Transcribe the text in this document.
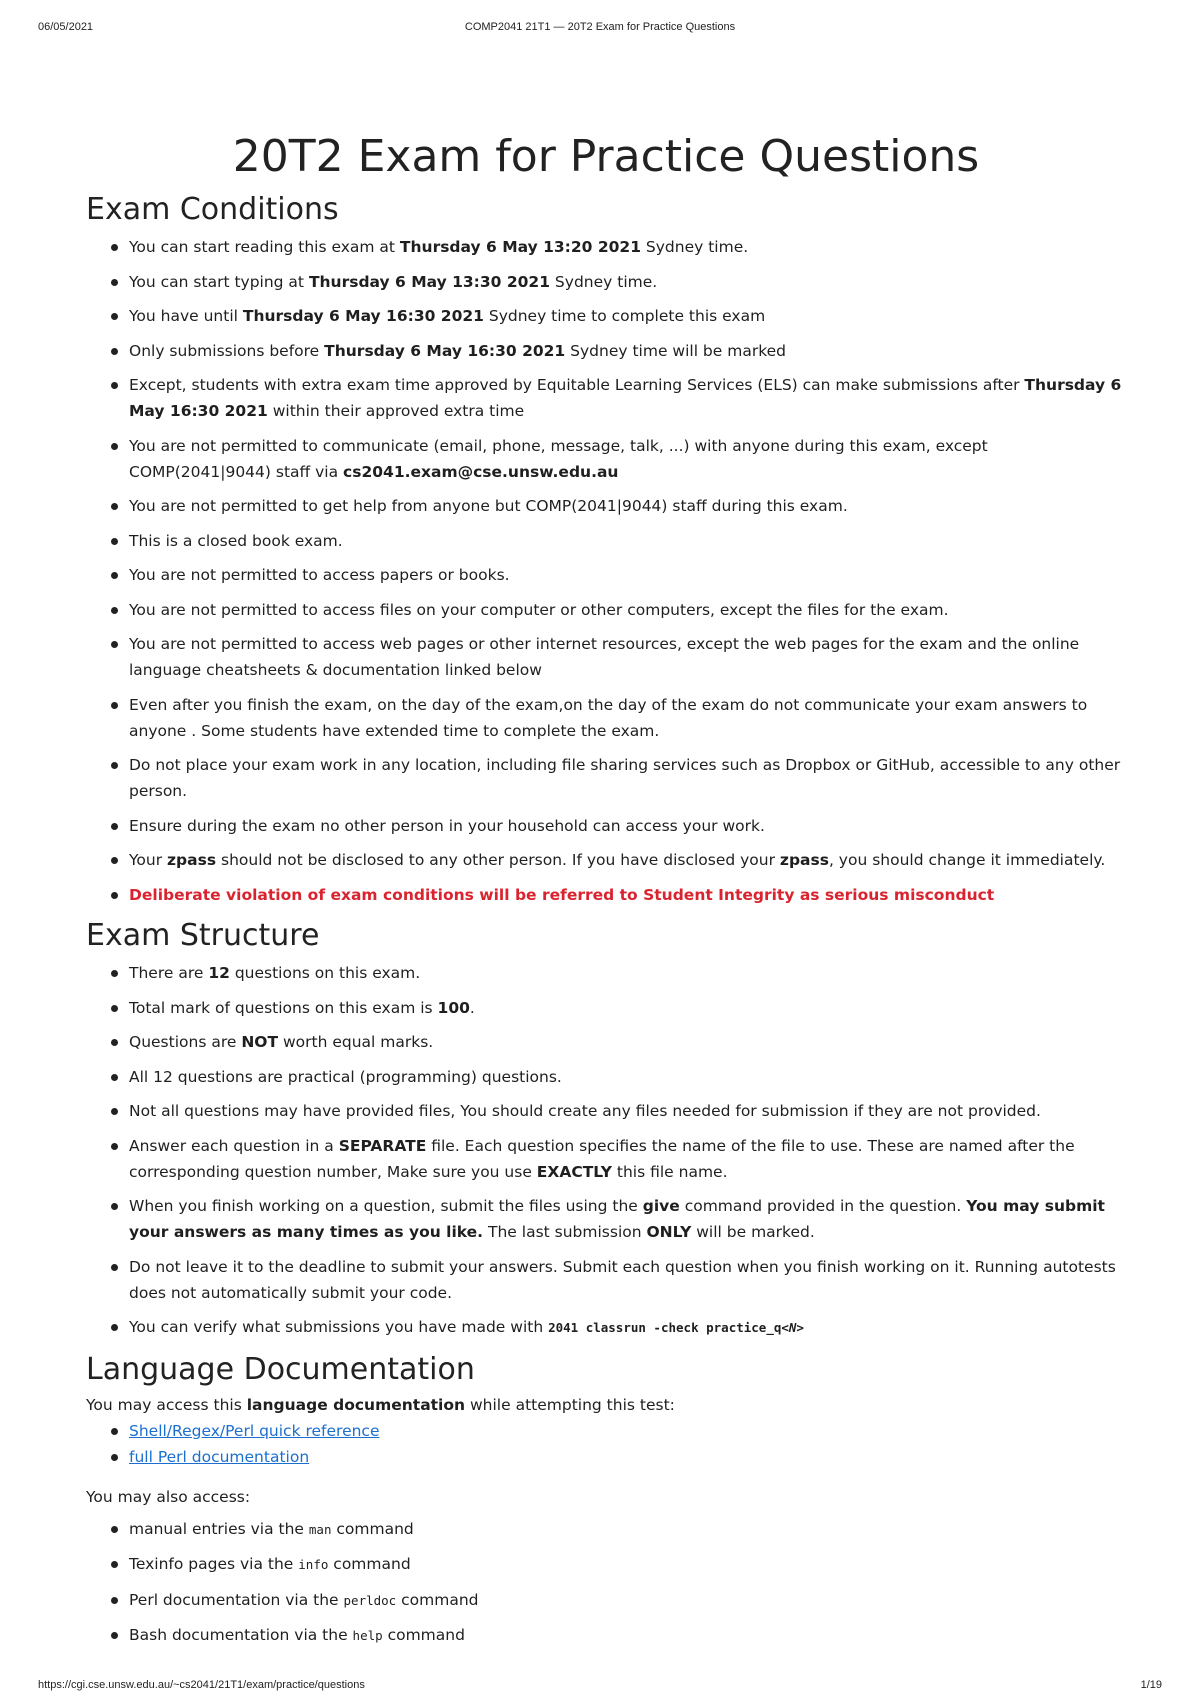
06/05/2021	COMP2041 21T1 — 20T2 Exam for Practice Questions
20T2 Exam for Practice Questions
Exam Conditions
You can start reading this exam at Thursday 6 May 13:20 2021 Sydney time.
You can start typing at Thursday 6 May 13:30 2021 Sydney time.
You have until Thursday 6 May 16:30 2021 Sydney time to complete this exam
Only submissions before Thursday 6 May 16:30 2021 Sydney time will be marked
Except, students with extra exam time approved by Equitable Learning Services (ELS) can make submissions after Thursday 6 May 16:30 2021 within their approved extra time
You are not permitted to communicate (email, phone, message, talk, ...) with anyone during this exam, except COMP(2041|9044) staff via cs2041.exam@cse.unsw.edu.au
You are not permitted to get help from anyone but COMP(2041|9044) staff during this exam.
This is a closed book exam.
You are not permitted to access papers or books.
You are not permitted to access files on your computer or other computers, except the files for the exam.
You are not permitted to access web pages or other internet resources, except the web pages for the exam and the online language cheatsheets & documentation linked below
Even after you finish the exam, on the day of the exam,on the day of the exam do not communicate your exam answers to anyone . Some students have extended time to complete the exam.
Do not place your exam work in any location, including file sharing services such as Dropbox or GitHub, accessible to any other person.
Ensure during the exam no other person in your household can access your work.
Your zpass should not be disclosed to any other person. If you have disclosed your zpass, you should change it immediately.
Deliberate violation of exam conditions will be referred to Student Integrity as serious misconduct
Exam Structure
There are 12 questions on this exam.
Total mark of questions on this exam is 100.
Questions are NOT worth equal marks.
All 12 questions are practical (programming) questions.
Not all questions may have provided files, You should create any files needed for submission if they are not provided.
Answer each question in a SEPARATE file. Each question specifies the name of the file to use. These are named after the corresponding question number, Make sure you use EXACTLY this file name.
When you finish working on a question, submit the files using the give command provided in the question. You may submit your answers as many times as you like. The last submission ONLY will be marked.
Do not leave it to the deadline to submit your answers. Submit each question when you finish working on it. Running autotests does not automatically submit your code.
You can verify what submissions you have made with 2041 classrun -check practice_q<N>
Language Documentation

You may access this language documentation while attempting this test:

Shell/Regex/Perl quick reference
full Perl documentation

You may also access:

manual entries via the man command
Texinfo pages via the info command
Perl documentation via the perldoc command
Bash documentation via the help command
https://cgi.cse.unsw.edu.au/~cs2041/21T1/exam/practice/questions	1/19
